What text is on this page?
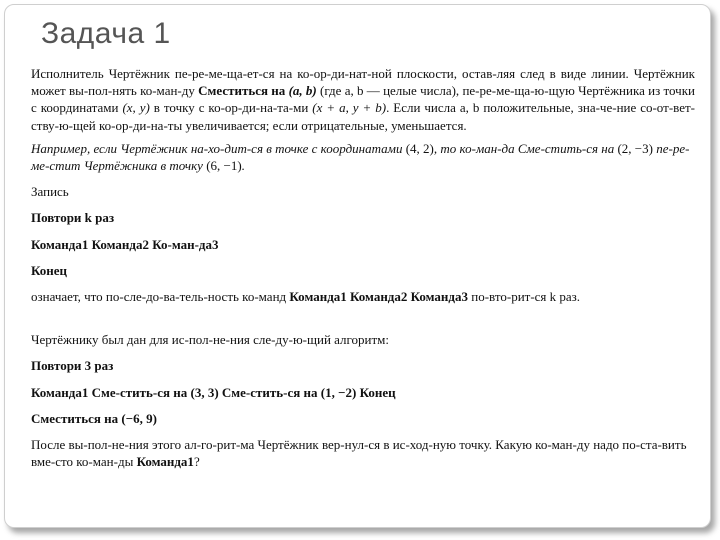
Задача 1

Исполнитель Чертёжник пе-ре-ме-ща-ет-ся на ко-ор-ди-нат-ной плоскости, остав-ляя след в виде линии. Чертёжник может вы-пол-нять ко-ман-ду Сместиться на (a, b) (где a, b — целые числа), пе-ре-ме-ща-ю-щую Чертёжника из точки с координатами (x, y) в точку с ко-ор-ди-на-та-ми (x + a, y + b). Если числа a, b положительные, зна-че-ние со-от-вет-ству-ю-щей ко-ор-ди-на-ты увеличивается; если отрицательные, уменьшается.

Например, если Чертёжник на-хо-дит-ся в точке с координатами (4, 2), то ко-ман-да Сме-стить-ся на (2, −3) пе-ре-ме-стит Чертёжника в точку (6, −1).

Запись

Повтори k раз

Команда1 Команда2 Ко-ман-да3

Конец

означает, что по-сле-до-ва-тель-ность ко-манд Команда1 Команда2 Команда3 по-вто-рит-ся k раз.

Чертёжнику был дан для ис-пол-не-ния сле-ду-ю-щий алгоритм:

Повтори 3 раз

Команда1 Сме-стить-ся на (3, 3) Сме-стить-ся на (1, −2) Конец

Сместиться на (−6, 9)

После вы-пол-не-ния этого ал-го-рит-ма Чертёжник вер-нул-ся в ис-ход-ную точку. Какую ко-ман-ду надо по-ста-вить вме-сто ко-ман-ды Команда1?
